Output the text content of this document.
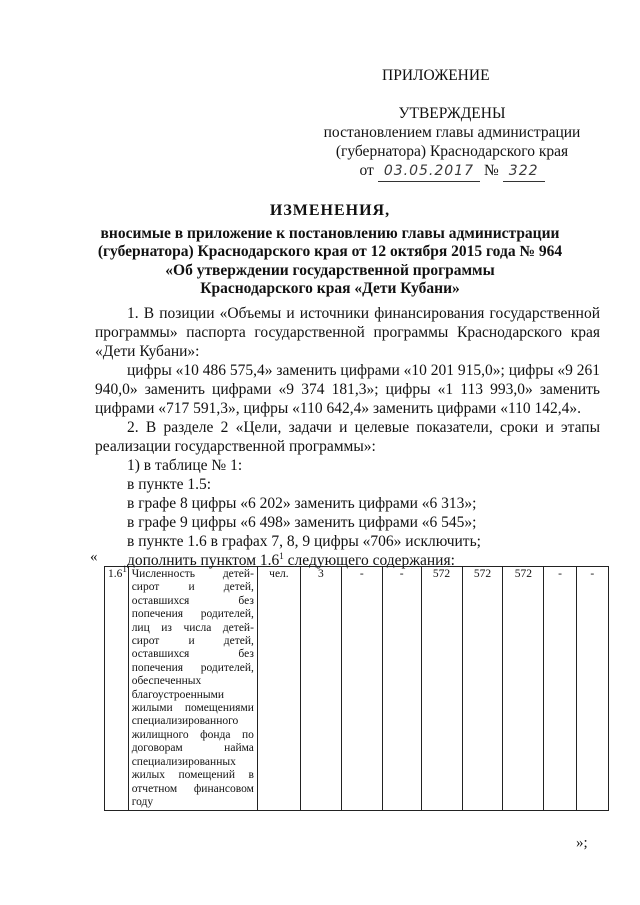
ПРИЛОЖЕНИЕ
УТВЕРЖДЕНЫ
постановлением главы администрации
(губернатора) Краснодарского края
от 03.05.2017 № 322
ИЗМЕНЕНИЯ,
вносимые в приложение к постановлению главы администрации
(губернатора) Краснодарского края от 12 октября 2015 года № 964
«Об утверждении государственной программы
Краснодарского края «Дети Кубани»

1. В позиции «Объемы и источники финансирования государственной программы» паспорта государственной программы Краснодарского края «Дети Кубани»:

цифры «10 486 575,4» заменить цифрами «10 201 915,0»; цифры «9 261 940,0» заменить цифрами «9 374 181,3»; цифры «1 113 993,0» заменить цифрами «717 591,3», цифры «110 642,4» заменить цифрами «110 142,4».

2. В разделе 2 «Цели, задачи и целевые показатели, сроки и этапы реализации государственной программы»:

1) в таблице № 1:

в пункте 1.5:

в графе 8 цифры «6 202» заменить цифрами «6 313»;

в графе 9 цифры «6 498» заменить цифрами «6 545»;

в пункте 1.6 в графах 7, 8, 9 цифры «706» исключить;

дополнить пунктом $1.6^1$ следующего содержания:

«
$1.6^1$	Численность детей-сирот и детей, оставшихся без попечения родителей, лиц из числа детей-сирот и детей, оставшихся без попечения родителей, обеспеченных благоустроенными жилыми помещениями специализированного жилищного фонда по договорам найма специализированных жилых помещений в отчетном финансовом году	чел.	3	-	-	572	572	572	-	-
»;
